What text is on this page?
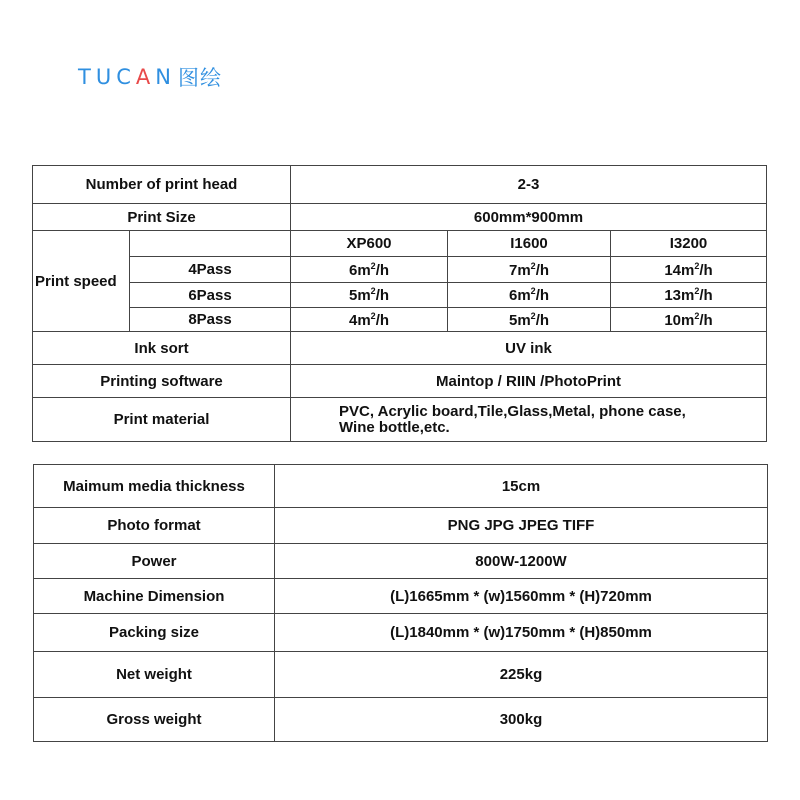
TUCAN 图绘
Number of print head		2-3		
Print Size		600mm*900mm		
Print speed		XP600	I1600	I3200
	4Pass	$6m^2/h$	$7m^2/h$	$14m^2/h$
	6Pass	$5m^2/h$	$6m^2/h$	$13m^2/h$
	8Pass	$4m^2/h$	$5m^2/h$	$10m^2/h$
Ink sort		UV ink		
Printing software		Maintop / RIIN /PhotoPrint		
Print material		PVC, Acrylic board,Tile,Glass,Metal, phone case,
Wine bottle,etc.		
Maimum media thickness	15cm
Photo format	PNG JPG JPEG TIFF
Power	800W-1200W
Machine Dimension	(L)1665mm * (w)1560mm * (H)720mm
Packing size	(L)1840mm * (w)1750mm * (H)850mm
Net weight	225kg
Gross weight	300kg
